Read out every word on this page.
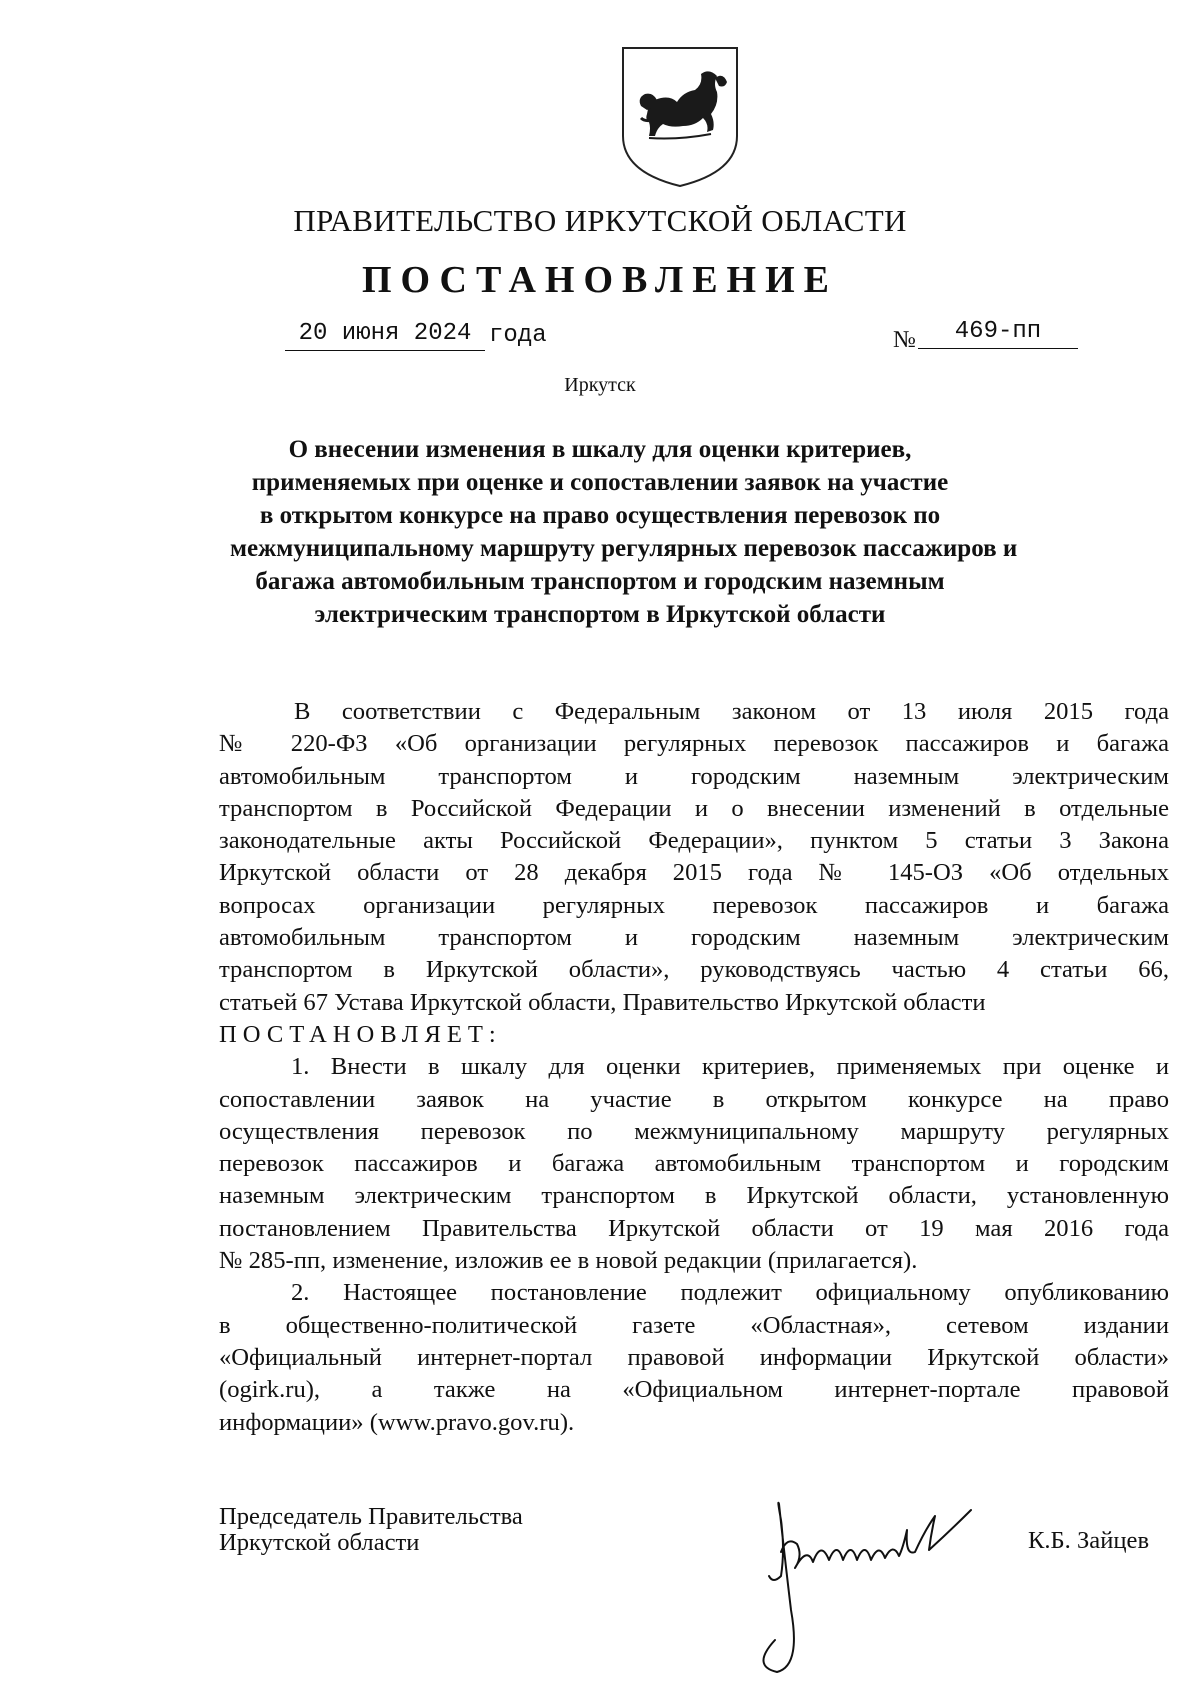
ПРАВИТЕЛЬСТВО ИРКУТСКОЙ ОБЛАСТИ
ПОСТАНОВЛЕНИЕ
20 июня 2024 года	№	469-пп
Иркутск
О внесении изменения в шкалу для оценки критериев,
применяемых при оценке и сопоставлении заявок на участие
в открытом конкурсе на право осуществления перевозок по
межмуниципальному маршруту регулярных перевозок пассажиров и
багажа автомобильным транспортом и городским наземным
электрическим транспортом в Иркутской области
В соответствии с Федеральным законом от 13 июля 2015 года
№ 220-ФЗ «Об организации регулярных перевозок пассажиров и багажа
автомобильным транспортом и городским наземным электрическим
транспортом в Российской Федерации и о внесении изменений в отдельные
законодательные акты Российской Федерации», пунктом 5 статьи 3 Закона
Иркутской области от 28 декабря 2015 года № 145-ОЗ «Об отдельных
вопросах организации регулярных перевозок пассажиров и багажа
автомобильным транспортом и городским наземным электрическим
транспортом в Иркутской области», руководствуясь частью 4 статьи 66,
статьей 67 Устава Иркутской области, Правительство Иркутской области
ПОСТАНОВЛЯЕТ:
1. Внести в шкалу для оценки критериев, применяемых при оценке и
сопоставлении заявок на участие в открытом конкурсе на право
осуществления перевозок по межмуниципальному маршруту регулярных
перевозок пассажиров и багажа автомобильным транспортом и городским
наземным электрическим транспортом в Иркутской области, установленную
постановлением Правительства Иркутской области от 19 мая 2016 года
№ 285-пп, изменение, изложив ее в новой редакции (прилагается).
2. Настоящее постановление подлежит официальному опубликованию
в общественно-политической газете «Областная», сетевом издании
«Официальный интернет-портал правовой информации Иркутской области»
(ogirk.ru), а также на «Официальном интернет-портале правовой
информации» (www.pravo.gov.ru).
Председатель Правительства
Иркутской области	К.Б. Зайцев
